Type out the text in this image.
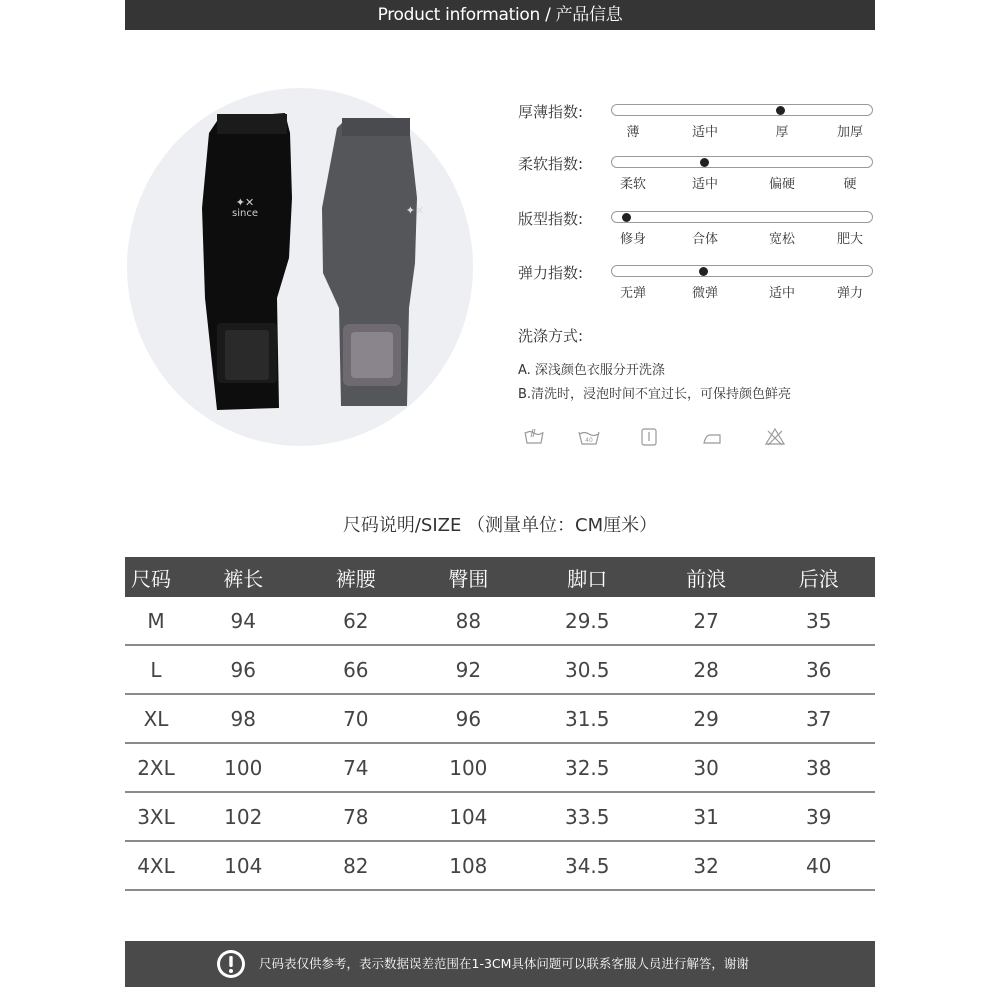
Product information / 产品信息
since
✦✕
✦✕
厚薄指数:
薄	适中	厚	加厚
柔软指数:
柔软	适中	偏硬	硬
版型指数:
修身	合体	宽松	肥大
弹力指数:
无弹	微弹	适中	弹力
洗涤方式:
A. 深浅颜色衣服分开洗涤
B.清洗时，浸泡时间不宜过长，可保持颜色鲜亮
40
尺码说明/SIZE （测量单位：CM厘米）
尺码	裤长	裤腰	臀围	脚口	前浪	后浪
M	94	62	88	29.5	27	35
L	96	66	92	30.5	28	36
XL	98	70	96	31.5	29	37
2XL	100	74	100	32.5	30	38
3XL	102	78	104	33.5	31	39
4XL	104	82	108	34.5	32	40
尺码表仅供参考，表示数据误差范围在1-3CM具体问题可以联系客服人员进行解答，谢谢
